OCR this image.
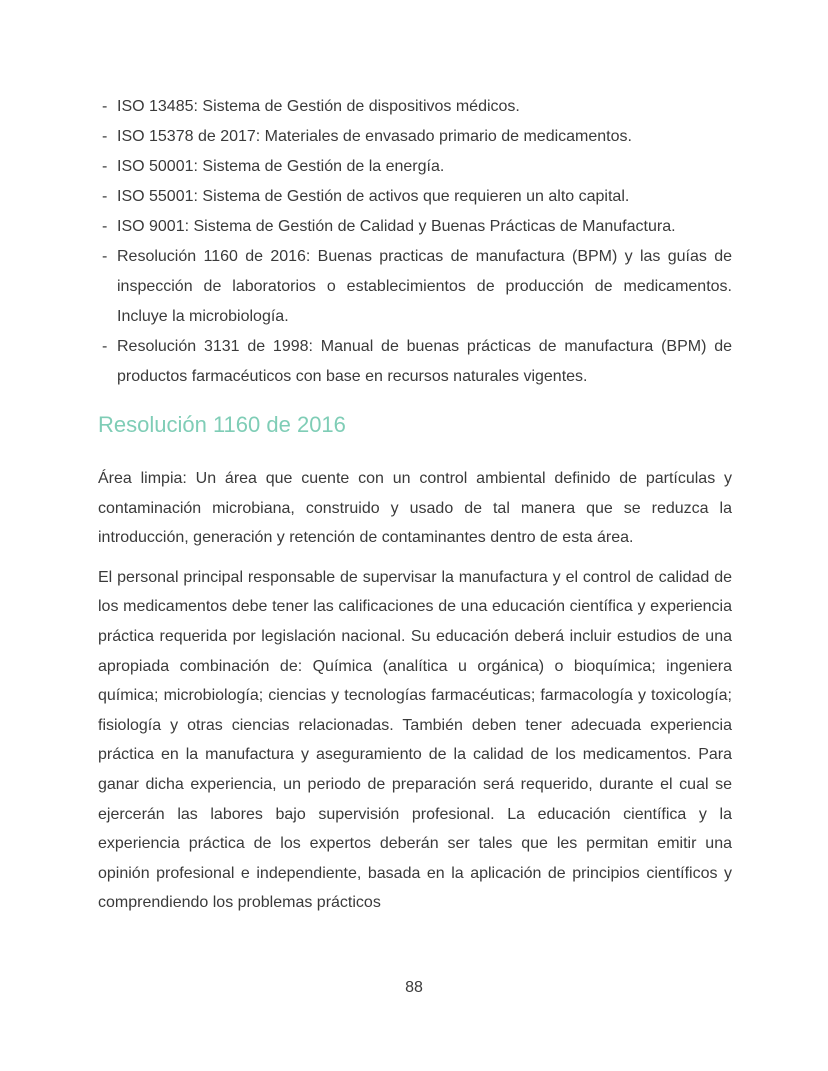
- ISO 13485: Sistema de Gestión de dispositivos médicos.
- ISO 15378 de 2017: Materiales de envasado primario de medicamentos.
- ISO 50001: Sistema de Gestión de la energía.
- ISO 55001: Sistema de Gestión de activos que requieren un alto capital.
- ISO 9001: Sistema de Gestión de Calidad y Buenas Prácticas de Manufactura.
- Resolución 1160 de 2016: Buenas practicas de manufactura (BPM) y las guías de inspección de laboratorios o establecimientos de producción de medicamentos. Incluye la microbiología.
- Resolución 3131 de 1998: Manual de buenas prácticas de manufactura (BPM) de productos farmacéuticos con base en recursos naturales vigentes.
Resolución 1160 de 2016

Área limpia: Un área que cuente con un control ambiental definido de partículas y contaminación microbiana, construido y usado de tal manera que se reduzca la introducción, generación y retención de contaminantes dentro de esta área.

El personal principal responsable de supervisar la manufactura y el control de calidad de los medicamentos debe tener las calificaciones de una educación científica y experiencia práctica requerida por legislación nacional. Su educación deberá incluir estudios de una apropiada combinación de: Química (analítica u orgánica) o bioquímica; ingeniera química; microbiología; ciencias y tecnologías farmacéuticas; farmacología y toxicología; fisiología y otras ciencias relacionadas. También deben tener adecuada experiencia práctica en la manufactura y aseguramiento de la calidad de los medicamentos. Para ganar dicha experiencia, un periodo de preparación será requerido, durante el cual se ejercerán las labores bajo supervisión profesional. La educación científica y la experiencia práctica de los expertos deberán ser tales que les permitan emitir una opinión profesional e independiente, basada en la aplicación de principios científicos y comprendiendo los problemas prácticos

88
